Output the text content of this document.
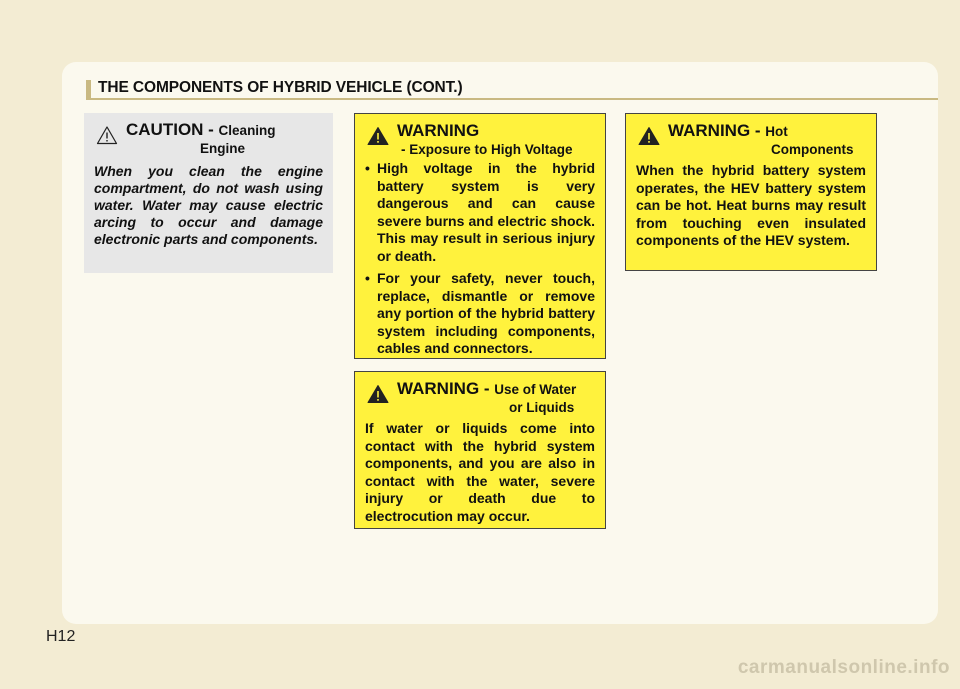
THE COMPONENTS OF HYBRID VEHICLE (CONT.)
CAUTION - Cleaning
Engine
When you clean the engine compartment, do not wash using water. Water may cause electric arcing to occur and damage electronic parts and components.
WARNING
- Exposure to High Voltage
• High voltage in the hybrid battery system is very dangerous and can cause severe burns and electric shock. This may result in serious injury or death.
• For your safety, never touch, replace, dismantle or remove any portion of the hybrid battery system including components, cables and connectors.
WARNING - Use of Water
or Liquids
If water or liquids come into contact with the hybrid system components, and you are also in contact with the water, severe injury or death due to electrocution may occur.
WARNING - Hot
Components
When the hybrid battery system operates, the HEV battery system can be hot. Heat burns may result from touching even insulated components of the HEV system.
H12
carmanualsonline.info
